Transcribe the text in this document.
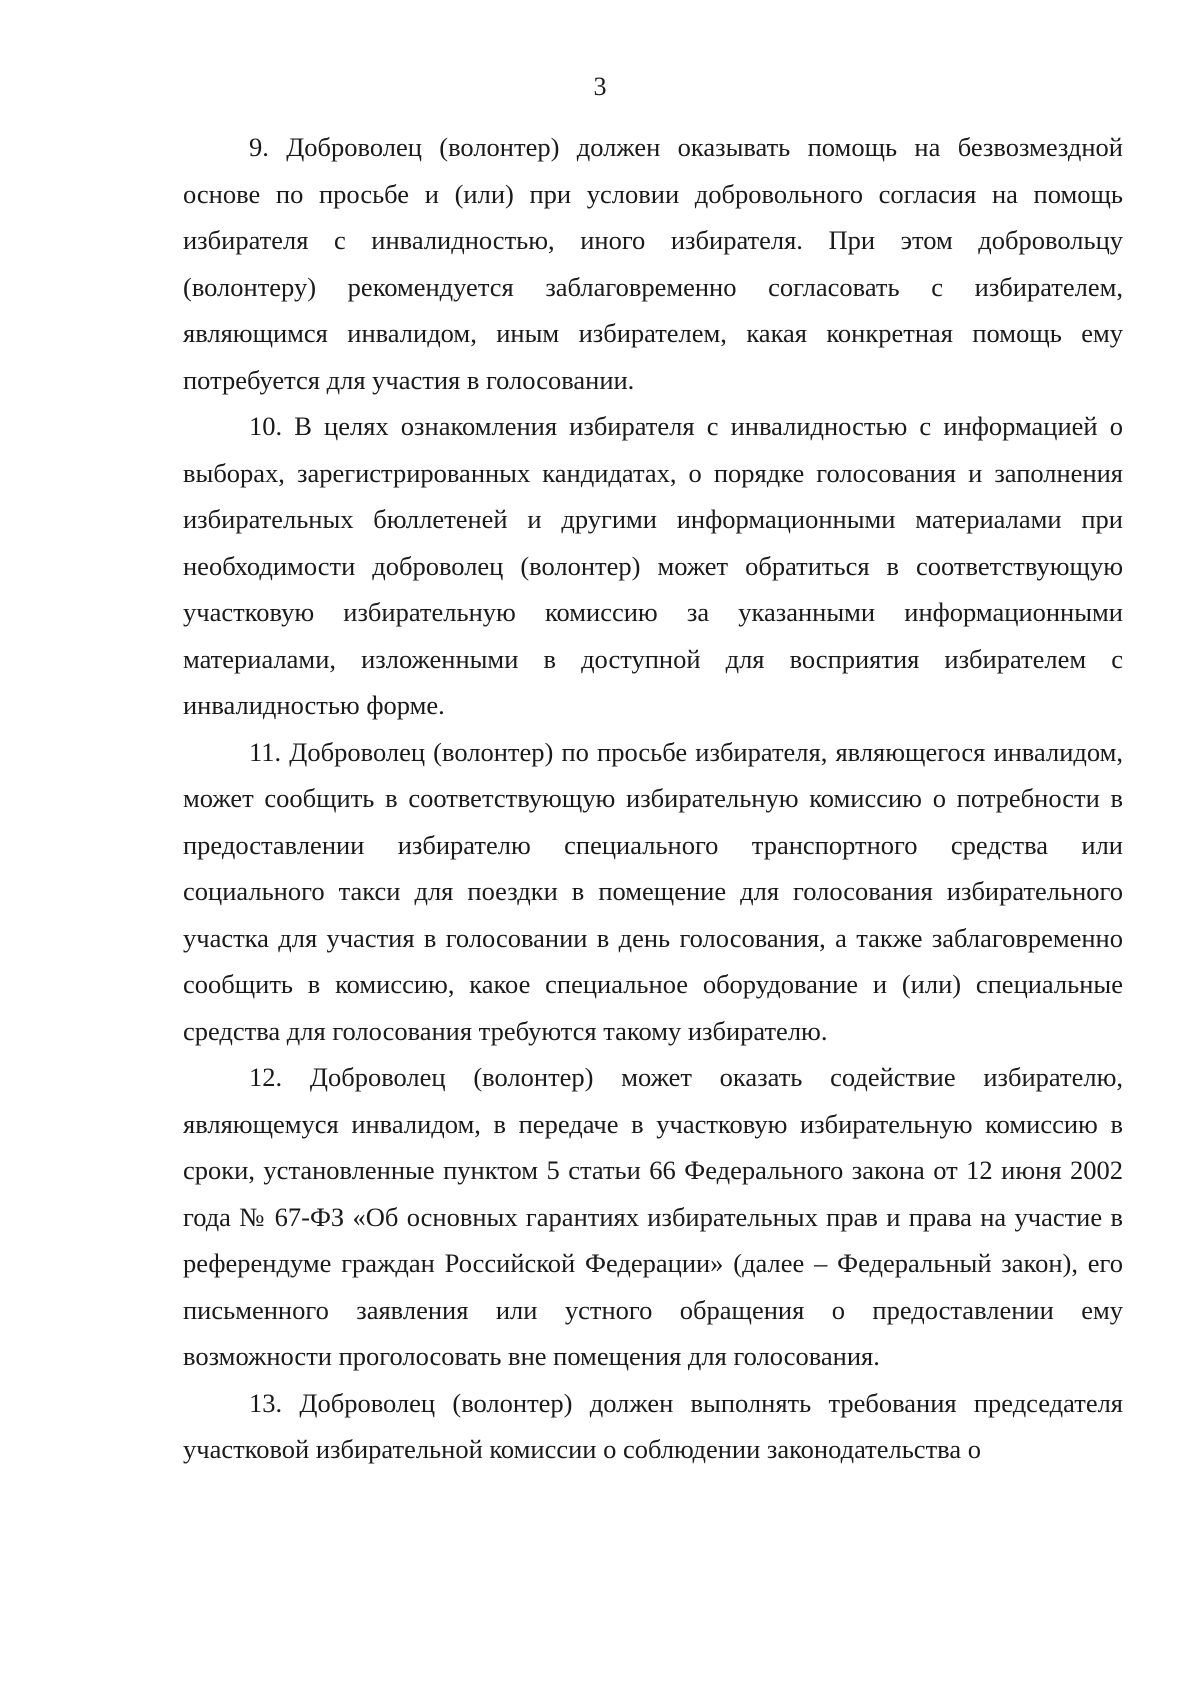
3

9. Доброволец (волонтер) должен оказывать помощь на безвозмездной основе по просьбе и (или) при условии добровольного согласия на помощь избирателя с инвалидностью, иного избирателя. При этом добровольцу (волонтеру) рекомендуется заблаговременно согласовать с избирателем, являющимся инвалидом, иным избирателем, какая конкретная помощь ему потребуется для участия в голосовании.

10. В целях ознакомления избирателя с инвалидностью с информацией о выборах, зарегистрированных кандидатах, о порядке голосования и заполнения избирательных бюллетеней и другими информационными материалами при необходимости доброволец (волонтер) может обратиться в соответствующую участковую избирательную комиссию за указанными информационными материалами, изложенными в доступной для восприятия избирателем с инвалидностью форме.

11. Доброволец (волонтер) по просьбе избирателя, являющегося инвалидом, может сообщить в соответствующую избирательную комиссию о потребности в предоставлении избирателю специального транспортного средства или социального такси для поездки в помещение для голосования избирательного участка для участия в голосовании в день голосования, а также заблаговременно сообщить в комиссию, какое специальное оборудование и (или) специальные средства для голосования требуются такому избирателю.

12. Доброволец (волонтер) может оказать содействие избирателю, являющемуся инвалидом, в передаче в участковую избирательную комиссию в сроки, установленные пунктом 5 статьи 66 Федерального закона от 12 июня 2002 года № 67-ФЗ «Об основных гарантиях избирательных прав и права на участие в референдуме граждан Российской Федерации» (далее – Федеральный закон), его письменного заявления или устного обращения о предоставлении ему возможности проголосовать вне помещения для голосования.

13. Доброволец (волонтер) должен выполнять требования председателя участковой избирательной комиссии о соблюдении законодательства о
